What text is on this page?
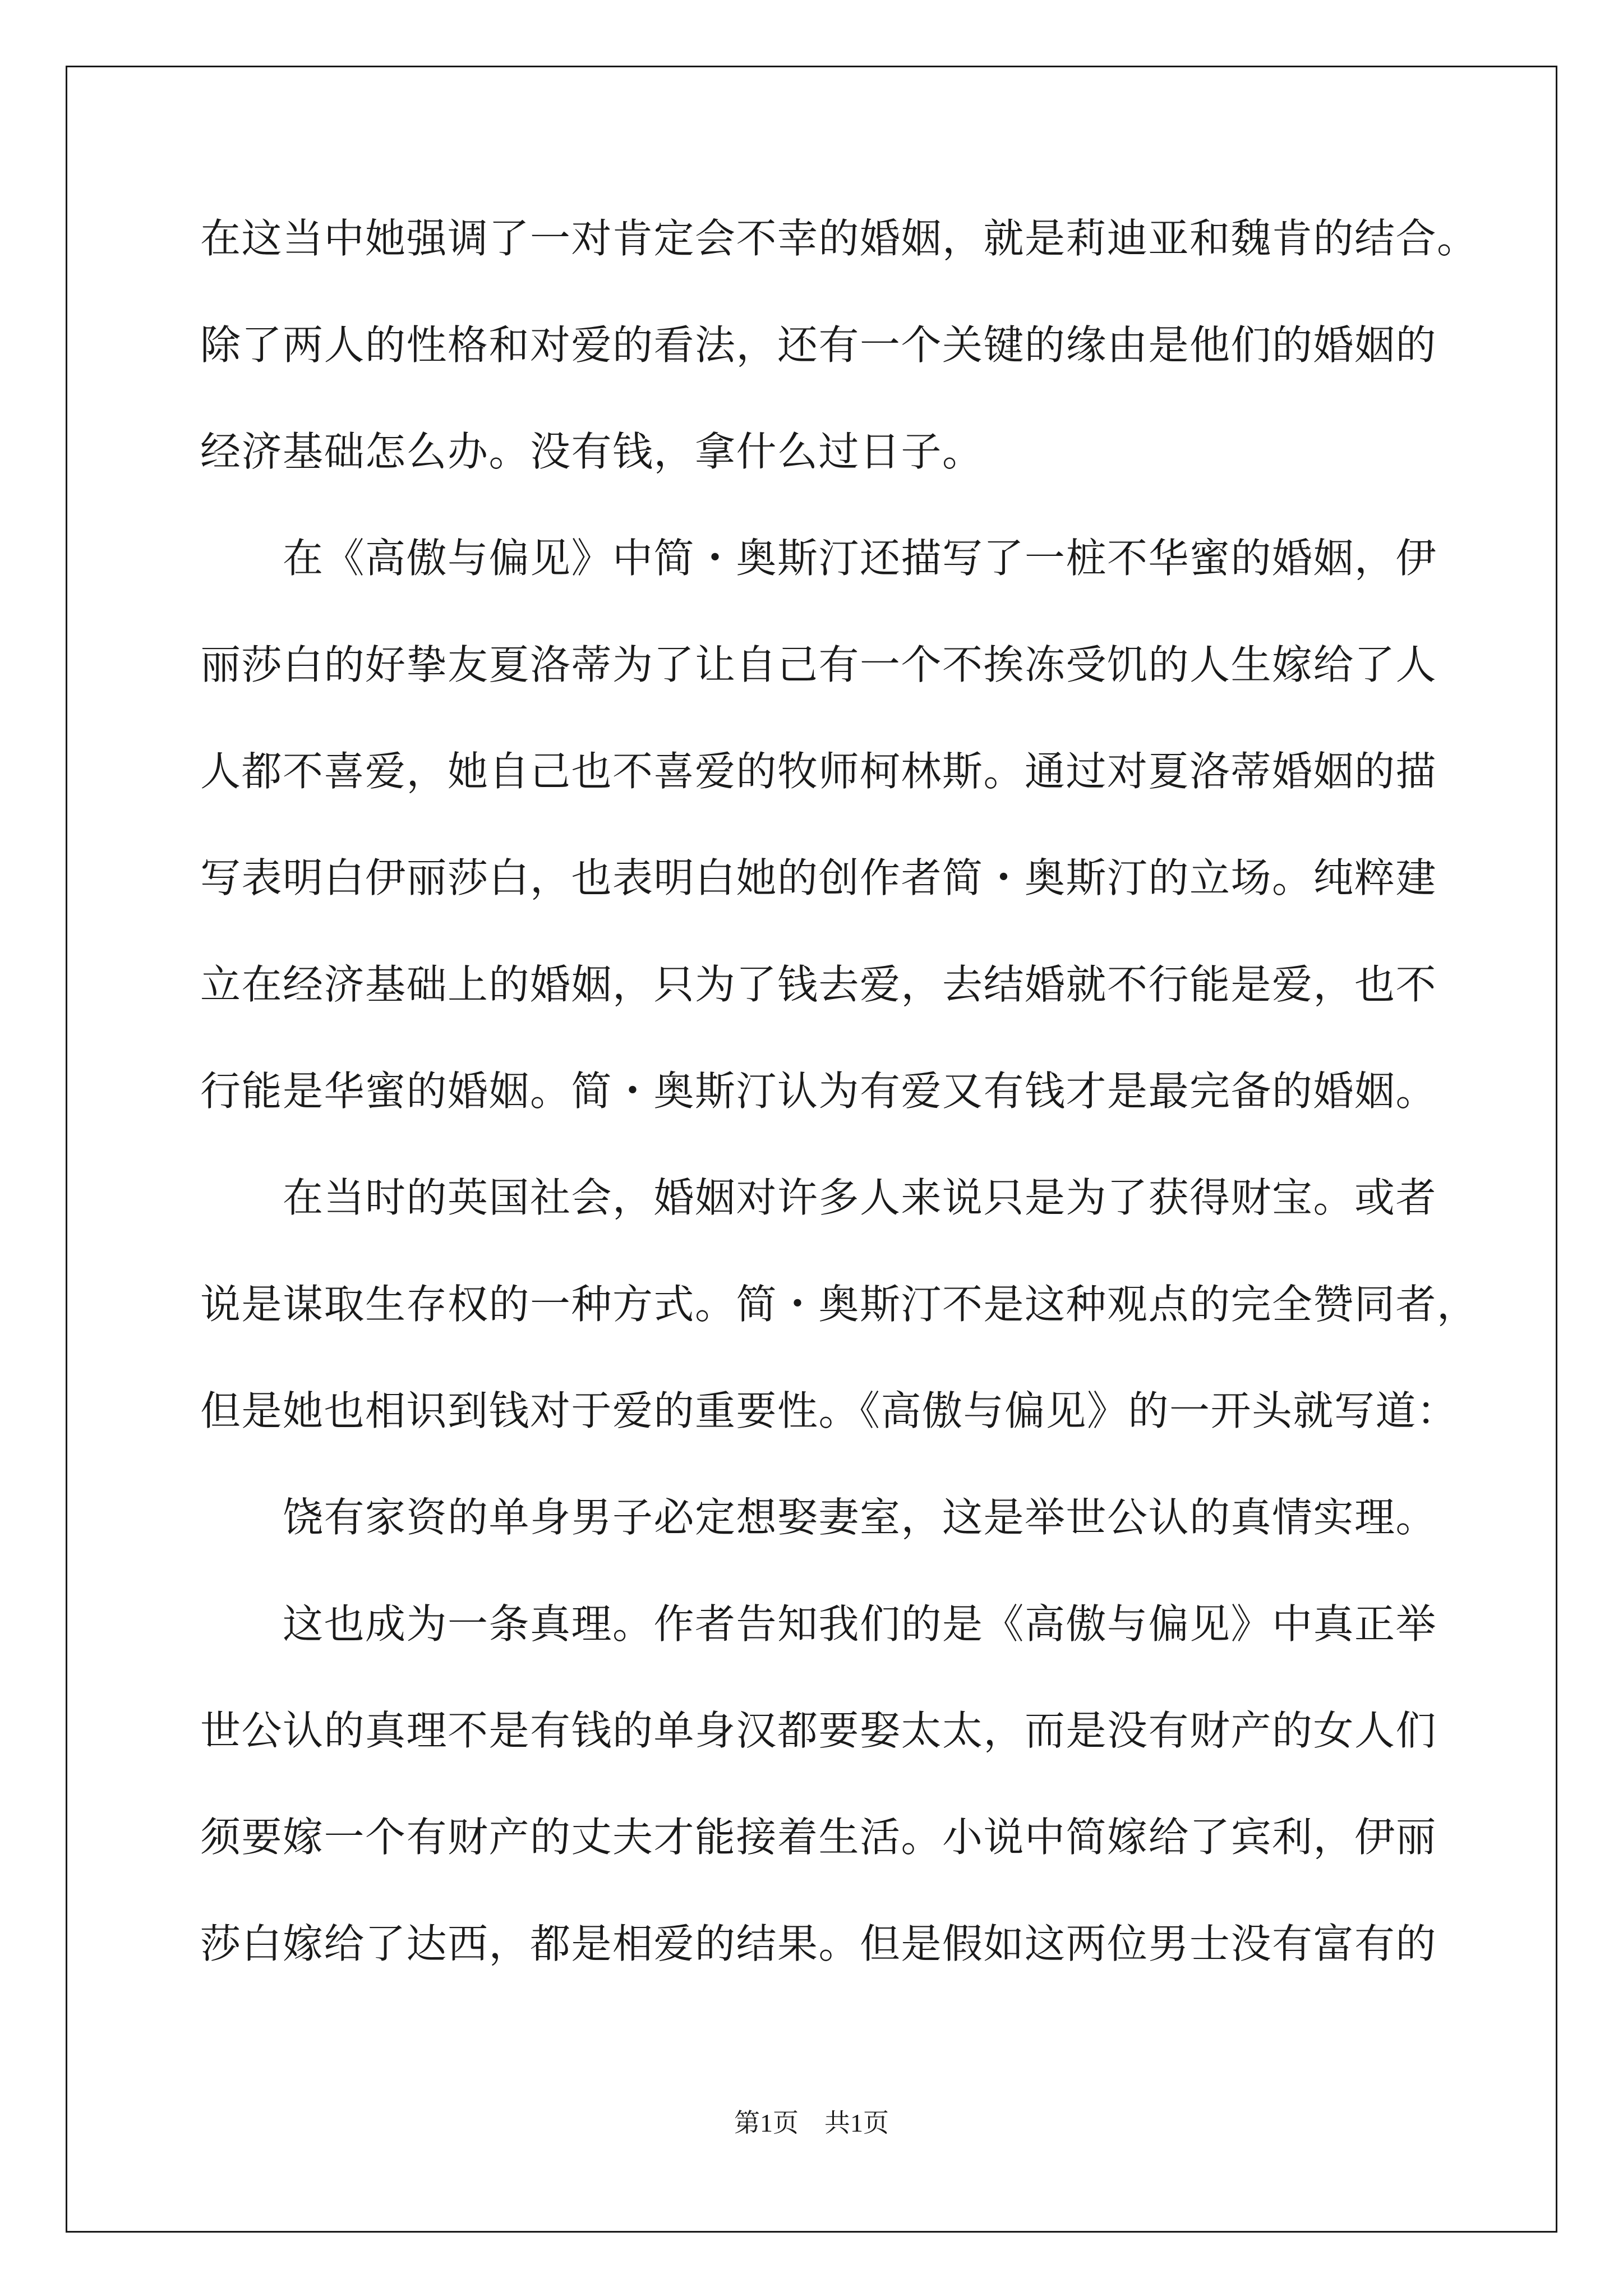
在这当中她强调了一对肯定会不幸的婚姻，就是莉迪亚和魏肯的结合。
除了两人的性格和对爱的看法，还有一个关键的缘由是他们的婚姻的
经济基础怎么办。没有钱，拿什么过日子。
　　在《高傲与偏见》中简・奥斯汀还描写了一桩不华蜜的婚姻，伊
丽莎白的好挚友夏洛蒂为了让自己有一个不挨冻受饥的人生嫁给了人
人都不喜爱，她自己也不喜爱的牧师柯林斯。通过对夏洛蒂婚姻的描
写表明白伊丽莎白，也表明白她的创作者简・奥斯汀的立场。纯粹建
立在经济基础上的婚姻，只为了钱去爱，去结婚就不行能是爱，也不
行能是华蜜的婚姻。简・奥斯汀认为有爱又有钱才是最完备的婚姻。
　　在当时的英国社会，婚姻对许多人来说只是为了获得财宝。或者
说是谋取生存权的一种方式。简・奥斯汀不是这种观点的完全赞同者，
但是她也相识到钱对于爱的重要性。《高傲与偏见》的一开头就写道：
　　饶有家资的单身男子必定想娶妻室，这是举世公认的真情实理。
　　这也成为一条真理。作者告知我们的是《高傲与偏见》中真正举
世公认的真理不是有钱的单身汉都要娶太太，而是没有财产的女人们
须要嫁一个有财产的丈夫才能接着生活。小说中简嫁给了宾利，伊丽
莎白嫁给了达西，都是相爱的结果。但是假如这两位男士没有富有的
第1页　共1页
